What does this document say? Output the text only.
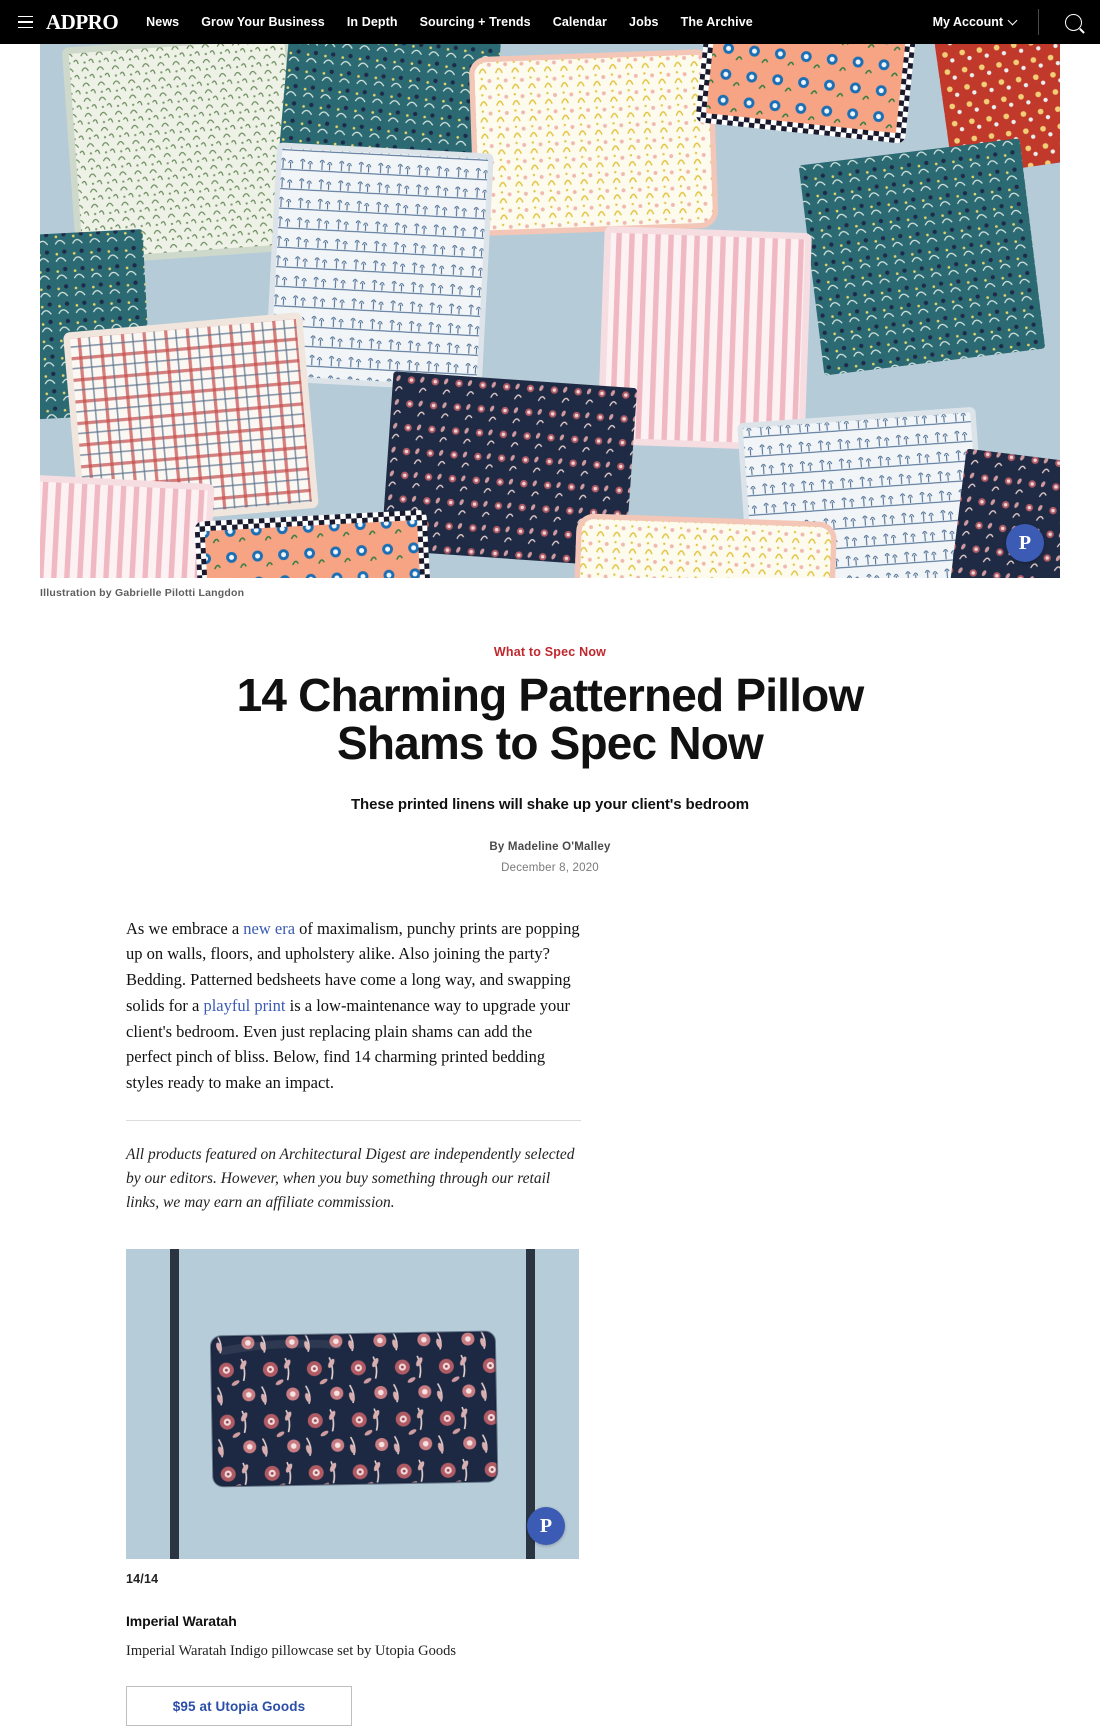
ADPRO News Grow Your Business In Depth Sourcing + Trends Calendar Jobs The Archive	My Account
P
Illustration by Gabrielle Pilotti Langdon
What to Spec Now
14 Charming Patterned Pillow Shams to Spec Now
These printed linens will shake up your client's bedroom
By Madeline O'Malley
December 8, 2020

As we embrace a new era of maximalism, punchy prints are popping up on walls, floors, and upholstery alike. Also joining the party? Bedding. Patterned bedsheets have come a long way, and swapping solids for a playful print is a low-maintenance way to upgrade your client's bedroom. Even just replacing plain shams can add the perfect pinch of bliss. Below, find 14 charming printed bedding styles ready to make an impact.

All products featured on Architectural Digest are independently selected by our editors. However, when you buy something through our retail links, we may earn an affiliate commission.

P
14/14
Imperial Waratah
Imperial Waratah Indigo pillowcase set by Utopia Goods
$95 at Utopia Goods
